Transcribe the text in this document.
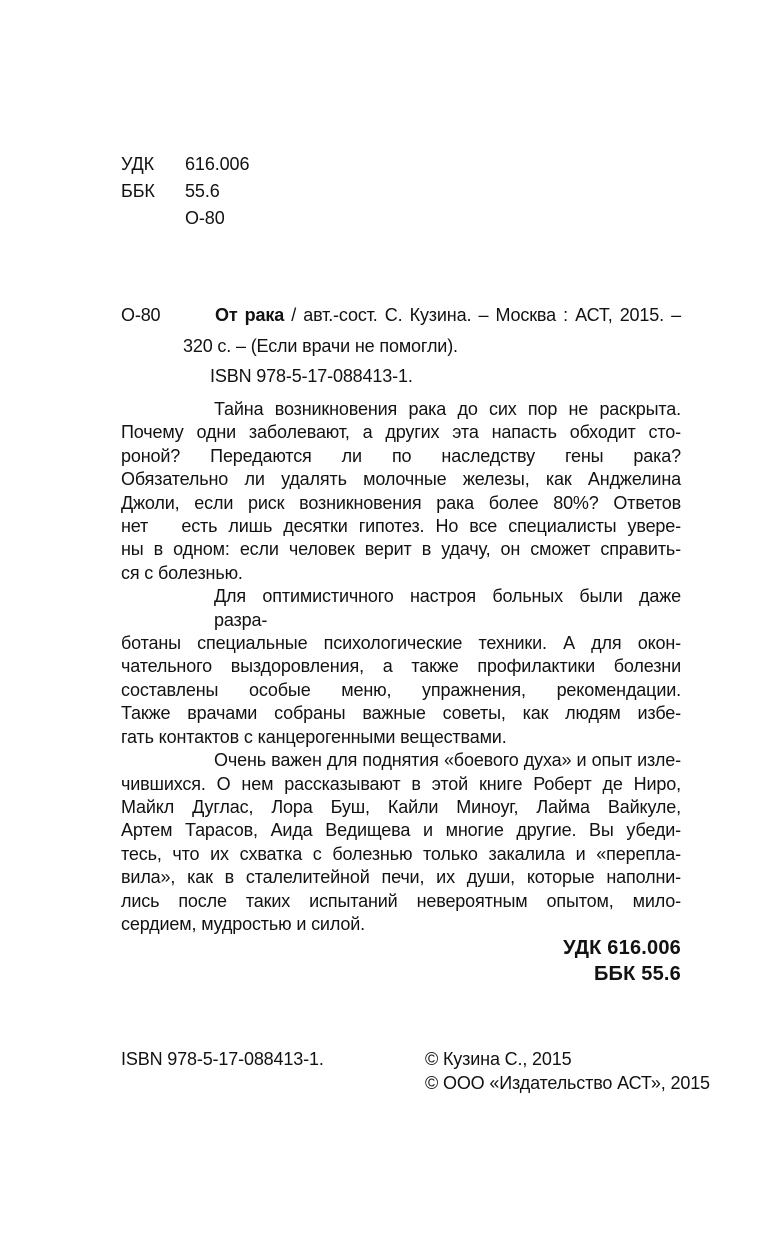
УДК 616.006
ББК 55.6
О-80
О-80	От рака / авт.-сост. С. Кузина. – Москва : АСТ, 2015. –
320 с. – (Если врачи не помогли).
ISBN 978-5-17-088413-1.
Тайна возникновения рака до сих пор не раскрыта.
Почему одни заболевают, а других эта напасть обходит сто-
роной? Передаются ли по наследству гены рака?
Обязательно ли удалять молочные железы, как Анджелина
Джоли, если риск возникновения рака более 80%? Ответов
нет   есть лишь десятки гипотез. Но все специалисты увере-
ны в одном: если человек верит в удачу, он сможет справить-
ся с болезнью.
Для оптимистичного настроя больных были даже разра-
ботаны специальные психологические техники. А для окон-
чательного выздоровления, а также профилактики болезни
составлены особые меню, упражнения, рекомендации.
Также врачами собраны важные советы, как людям избе-
гать контактов с канцерогенными веществами.
Очень важен для поднятия «боевого духа» и опыт изле-
чившихся. О нем рассказывают в этой книге Роберт де Ниро,
Майкл Дуглас, Лора Буш, Кайли Миноуг, Лайма Вайкуле,
Артем Тарасов, Аида Ведищева и многие другие. Вы убеди-
тесь, что их схватка с болезнью только закалила и «перепла-
вила», как в сталелитейной печи, их души, которые наполни-
лись после таких испытаний невероятным опытом, мило-
сердием, мудростью и силой.
УДК 616.006
ББК 55.6
ISBN 978-5-17-088413-1.	© Кузина С., 2015
© ООО «Издательство АСТ», 2015
